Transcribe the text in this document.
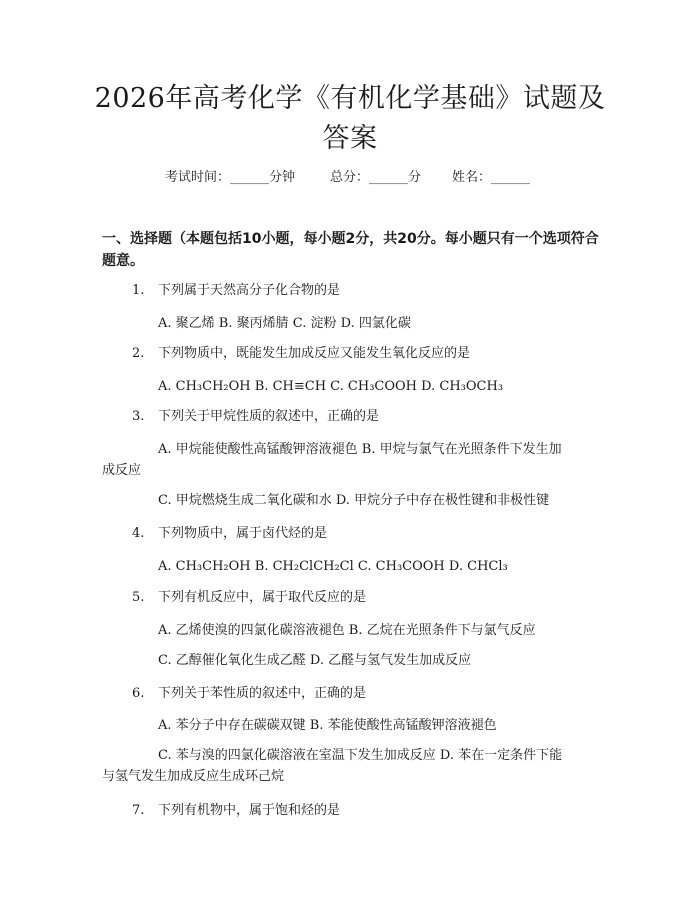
2026年高考化学《有机化学基础》试题及答案
考试时间：______分钟	总分：______分 姓名：______
一、选择题（本题包括10小题，每小题2分，共20分。每小题只有一个选项符合题意。
1. 下列属于天然高分子化合物的是
A. 聚乙烯 B. 聚丙烯腈 C. 淀粉 D. 四氯化碳
2. 下列物质中，既能发生加成反应又能发生氧化反应的是
A. CH₃CH₂OH B. CH≡CH C. CH₃COOH D. CH₃OCH₃
3. 下列关于甲烷性质的叙述中，正确的是
A. 甲烷能使酸性高锰酸钾溶液褪色 B. 甲烷与氯气在光照条件下发生加
成反应
C. 甲烷燃烧生成二氧化碳和水 D. 甲烷分子中存在极性键和非极性键
4. 下列物质中，属于卤代烃的是
A. CH₃CH₂OH B. CH₂ClCH₂Cl C. CH₃COOH D. CHCl₃
5. 下列有机反应中，属于取代反应的是
A. 乙烯使溴的四氯化碳溶液褪色 B. 乙烷在光照条件下与氯气反应
C. 乙醇催化氧化生成乙醛 D. 乙醛与氢气发生加成反应
6. 下列关于苯性质的叙述中，正确的是
A. 苯分子中存在碳碳双键 B. 苯能使酸性高锰酸钾溶液褪色
C. 苯与溴的四氯化碳溶液在室温下发生加成反应 D. 苯在一定条件下能
与氢气发生加成反应生成环己烷
7. 下列有机物中，属于饱和烃的是
